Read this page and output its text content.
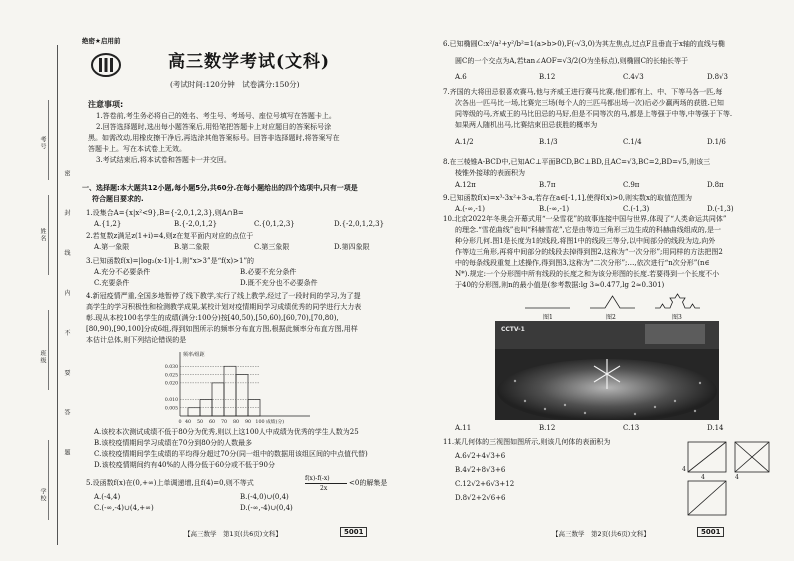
考号
姓名
班级
学校
密 封 线 内 不 要 答 题
绝密★启用前
高三数学考试(文科)
(考试时间:120分钟　试卷满分:150分)
注意事项:
1.答卷前,考生务必将自己的姓名、考生号、考场号、座位号填写在答题卡上。
2.回答选择题时,选出每小题答案后,用铅笔把答题卡上对应题目的答案标号涂
黑。如需改动,用橡皮擦干净后,再选涂其他答案标号。回答非选择题时,将答案写在
答题卡上。写在本试卷上无效。
3.考试结束后,将本试卷和答题卡一并交回。
一、选择题:本大题共12小题,每小题5分,共60分.在每小题给出的四个选项中,只有一项是
符合题目要求的.
1.设集合A={x|x²<9},B={-2,0,1,2,3},则A∩B=
A.{1,2}	B.{-2,0,1,2}	C.{0,1,2,3}	D.{-2,0,1,2,3}
2.若复数z满足z(1+i)=4,则z在复平面内对应的点位于
A.第一象限	B.第二象限	C.第三象限	D.第四象限
3.已知函数f(x)=|log₂(x-1)|-1,则“x>3”是“f(x)>1”的
A.充分不必要条件	B.必要不充分条件
C.充要条件	D.既不充分也不必要条件
4.新冠疫情严重,全国多地暂停了线下教学,实行了线上教学,经过了一段时间的学习,为了提
高学生的学习积极性和检测教学成果,某校计划对疫情期间学习成绩优秀的同学进行大力表
彰.现从本校100名学生的成绩(满分:100分)按[40,50),[50,60),[60,70),[70,80),
[80,90),[90,100]分成6组,得到如图所示的频率分布直方图,根据此频率分布直方图,用样
本估计总体,则下列结论错误的是
频率/组距
0.030
0.025
0.020
0.010
0.005
0 40 50 60 70 80 90 100 成绩(分)
A.该校本次测试成绩不低于80分为优秀,则以上这100人中成绩为优秀的学生人数为25
B.该校疫情期间学习成绩在70分到80分的人数最多
C.该校疫情期间学生成绩的平均得分超过70分(同一组中的数据用该组区间的中点值代替)
D.该校疫情期间约有40%的人得分低于60分或不低于90分
5.设函数f(x)在(0,+∞)上单调递增,且f(4)=0,则不等式
f(x)-f(-x)
2x
<0的解集是
A.(-4,4)	B.(-4,0)∪(0,4)
C.(-∞,-4)∪(4,+∞)	D.(-∞,-4)∪(0,4)
【高三数学　第1页(共6页)文科】	5001
6.已知椭圆C:x²/a²+y²/b²=1(a>b>0),F(-√3,0)为其左焦点,过点F且垂直于x轴的直线与椭
圆C的一个交点为A,若tan∠AOF=√3/2(O为坐标点),则椭圆C的长轴长等于
A.6	B.12	C.4√3	D.8√3
7.齐国的大将田忌很喜欢赛马,他与齐威王进行赛马比赛,他们都有上、中、下等马各一匹,每
次各出一匹马比一场,比赛完三场(每个人的三匹马都出场一次)后必少赢两场的获胜.已知
同等级的马,齐威王的马比田忌的马好,但是不同等次的马,都是上等强于中等,中等强于下等.
如果两人随机出马,比赛结束田忌获胜的概率为
A.1/2	B.1/3	C.1/4	D.1/6
8.在三棱锥A-BCD中,已知AC⊥平面BCD,BC⊥BD,且AC=√3,BC=2,BD=√5,则该三
棱锥外接球的表面积为
A.12π	B.7π	C.9π	D.8π
9.已知函数f(x)=x³-3x²+3-a,若存在a∈[-1,1],使得f(x)>0,则实数x的取值范围为
A.(-∞,-1)	B.(-∞,-1)	C.(-1,3)	D.(-1,3)
10.北京2022年冬奥会开幕式用“一朵雪花”的故事连接中国与世界,体现了“人类命运共同体”
的理念.“雪花曲线”也叫“科赫雪花”,它是由等边三角形三边生成的科赫曲线组成的,是一
种分形几何.图1是长度为1的线段,将图1中的线段三等分,以中间部分的线段为边,向外
作等边三角形,再将中间部分的线段去掉得到图2,这称为“一次分形”;用同样的方法把图2
中的每条线段重复上述操作,得到图3,这称为“二次分形”;…,依次进行“n次分形”(n∈
N*).规定:一个分形图中所有线段的长度之和为该分形图的长度.若要得到一个长度不小
于40的分形图,则n的最小值是(参考数据:lg 3≈0.477,lg 2≈0.301)
图1	图2	图3
CCTV-1
A.11	B.12	C.13	D.14
11.某几何体的三视图如图所示,则该几何体的表面积为
A.6√2+4√3+6
B.4√2+8√3+6
C.12√2+6√3+12
D.8√2+2√6+6
4
4	4
【高三数学　第2页(共6页)文科】	5001
